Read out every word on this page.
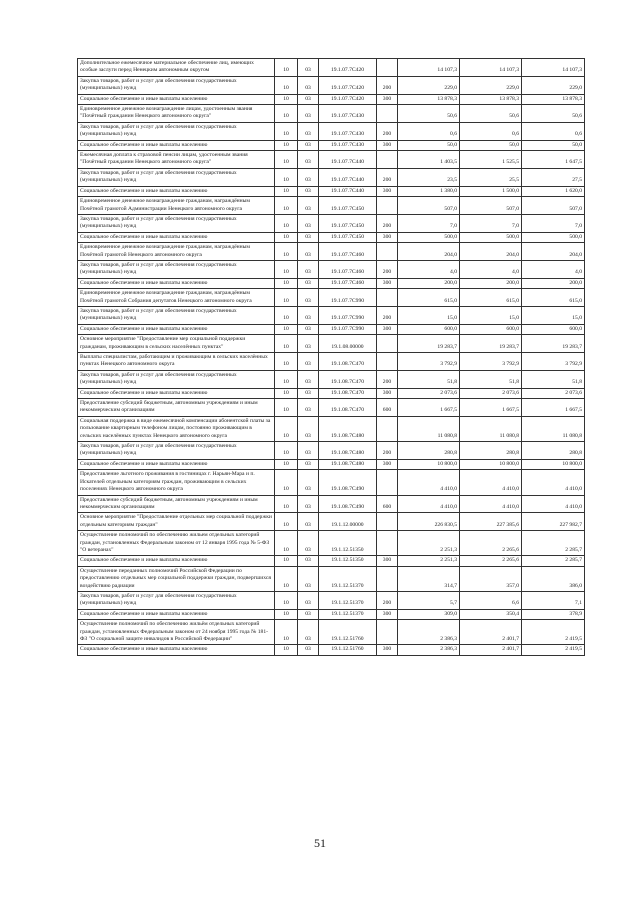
Дополнительное ежемесячное материальное обеспечение лиц, имеющих особые заслуги перед Ненецким автономным округом	10	03	19.1.07.7С420		14 107,3	14 107,3	14 107,3
Закупка товаров, работ и услуг для обеспечения государственных (муниципальных) нужд	10	03	19.1.07.7С420	200	229,0	229,0	229,0
Социальное обеспечение и иные выплаты населению	10	03	19.1.07.7С420	300	13 878,3	13 878,3	13 878,3
Единовременное денежное вознаграждение лицам, удостоенным звания "Почётный гражданин Ненецкого автономного округа"	10	03	19.1.07.7С430		50,6	50,6	50,6
Закупка товаров, работ и услуг для обеспечения государственных (муниципальных) нужд	10	03	19.1.07.7С430	200	0,6	0,6	0,6
Социальное обеспечение и иные выплаты населению	10	03	19.1.07.7С430	300	50,0	50,0	50,0
Ежемесячная доплата к страховой пенсии лицам, удостоенным звания "Почётный гражданин Ненецкого автономного округа"	10	03	19.1.07.7С440		1 403,5	1 525,5	1 647,5
Закупка товаров, работ и услуг для обеспечения государственных (муниципальных) нужд	10	03	19.1.07.7С440	200	23,5	25,5	27,5
Социальное обеспечение и иные выплаты населению	10	03	19.1.07.7С440	300	1 380,0	1 500,0	1 620,0
Единовременное денежное вознаграждение гражданам, награждённым Почётной грамотой Администрации Ненецкого автономного округа	10	03	19.1.07.7С450		507,0	507,0	507,0
Закупка товаров, работ и услуг для обеспечения государственных (муниципальных) нужд	10	03	19.1.07.7С450	200	7,0	7,0	7,0
Социальное обеспечение и иные выплаты населению	10	03	19.1.07.7С450	300	500,0	500,0	500,0
Единовременное денежное вознаграждение гражданам, награждённым Почётной грамотой Ненецкого автономного округа	10	03	19.1.07.7С460		204,0	204,0	204,0
Закупка товаров, работ и услуг для обеспечения государственных (муниципальных) нужд	10	03	19.1.07.7С460	200	4,0	4,0	4,0
Социальное обеспечение и иные выплаты населению	10	03	19.1.07.7С460	300	200,0	200,0	200,0
Единовременное денежное вознаграждение гражданам, награждённым Почётной грамотой Собрания депутатов Ненецкого автономного округа	10	03	19.1.07.7С990		615,0	615,0	615,0
Закупка товаров, работ и услуг для обеспечения государственных (муниципальных) нужд	10	03	19.1.07.7С990	200	15,0	15,0	15,0
Социальное обеспечение и иные выплаты населению	10	03	19.1.07.7С990	300	600,0	600,0	600,0
Основное мероприятие "Предоставление мер социальной поддержки гражданам, проживающим в сельских населённых пунктах"	10	03	19.1.08.00000		19 283,7	19 283,7	19 283,7
Выплаты специалистам, работающим и проживающим в сельских населённых пунктах Ненецкого автономного округа	10	03	19.1.08.7С470		3 792,9	3 792,9	3 792,9
Закупка товаров, работ и услуг для обеспечения государственных (муниципальных) нужд	10	03	19.1.08.7С470	200	51,8	51,8	51,8
Социальное обеспечение и иные выплаты населению	10	03	19.1.08.7С470	300	2 073,6	2 073,6	2 073,6
Предоставление субсидий бюджетным, автономным учреждениям и иным некоммерческим организациям	10	03	19.1.08.7С470	600	1 667,5	1 667,5	1 667,5
Социальная поддержка в виде ежемесячной компенсации абонентской платы за пользование квартирным телефоном лицам, постоянно проживающим в сельских населённых пунктах Ненецкого автономного округа	10	03	19.1.08.7С480		11 080,8	11 080,8	11 080,8
Закупка товаров, работ и услуг для обеспечения государственных (муниципальных) нужд	10	03	19.1.08.7С480	200	280,8	280,8	280,8
Социальное обеспечение и иные выплаты населению	10	03	19.1.08.7С480	300	10 800,0	10 800,0	10 800,0
Предоставление льготного проживания в гостиницах г. Нарьян-Мара и п. Искателей отдельным категориям граждан, проживающим в сельских поселениях Ненецкого автономного округа	10	03	19.1.08.7С490		4 410,0	4 410,0	4 410,0
Предоставление субсидий бюджетным, автономным учреждениям и иным некоммерческим организациям	10	03	19.1.08.7С490	600	4 410,0	4 410,0	4 410,0
Основное мероприятие "Предоставление отдельных мер социальной поддержки отдельным категориям граждан"	10	03	19.1.12.00000		226 830,5	227 385,6	227 982,7
Осуществление полномочий по обеспечению жильем отдельных категорий граждан, установленных Федеральным законом от 12 января 1995 года № 5-ФЗ "О ветеранах"	10	03	19.1.12.51350		2 251,3	2 265,6	2 285,7
Социальное обеспечение и иные выплаты населению	10	03	19.1.12.51350	300	2 251,3	2 265,6	2 285,7
Осуществление переданных полномочий Российской Федерации по предоставлению отдельных мер социальной поддержки граждан, подвергшихся воздействию радиации	10	03	19.1.12.51370		314,7	357,0	386,0
Закупка товаров, работ и услуг для обеспечения государственных (муниципальных) нужд	10	03	19.1.12.51370	200	5,7	6,6	7,1
Социальное обеспечение и иные выплаты населению	10	03	19.1.12.51370	300	309,0	350,4	378,9
Осуществление полномочий по обеспечению жильём отдельных категорий граждан, установленных Федеральным законом от 24 ноября 1995 года № 181-ФЗ "О социальной защите инвалидов в Российской Федерации"	10	03	19.1.12.51760		2 386,3	2 401,7	2 419,5
Социальное обеспечение и иные выплаты населению	10	03	19.1.12.51760	300	2 386,3	2 401,7	2 419,5
51
